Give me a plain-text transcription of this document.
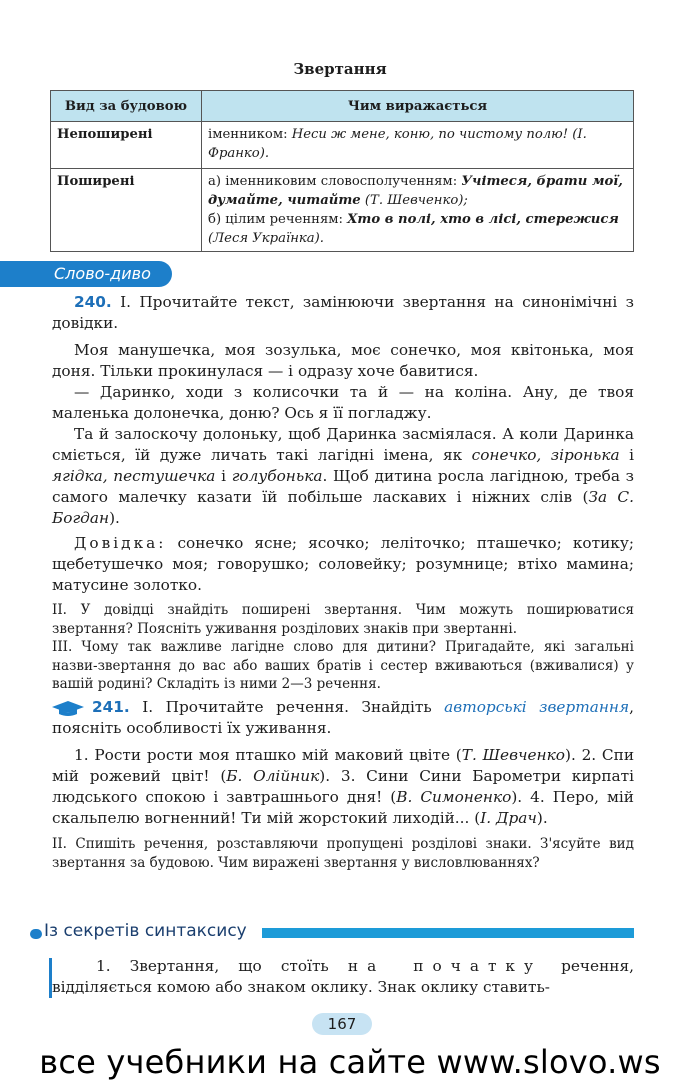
Звертання
Вид за будовою	Чим виражається
Непоширені	іменником: Неси ж мене, коню, по чистому полю! (І. Франко).
Поширені	а) іменниковим словосполученням: Учітеся, брати мої, думайте, читайте (Т. Шевченко);
б) цілим реченням: Хто в полі, хто в лісі, стережися (Леся Українка).
Слово-диво

240. І. Прочитайте текст, замінюючи звертання на синонімічні з довідки.

Моя манушечка, моя зозулька, моє сонечко, моя квітонька, моя доня. Тільки прокинулася — і одразу хоче бавитися.

— Даринко, ходи з колисочки та й — на коліна. Ану, де твоя маленька долонечка, доню? Ось я її погладжу.

Та й залоскочу долоньку, щоб Даринка засміялася. А коли Даринка сміється, їй дуже личать такі лагідні імена, як сонечко, зіронька і ягідка, пестушечка і голубонька. Щоб дитина росла лагідною, треба з самого малечку казати їй побільше ласкавих і ніжних слів (За С. Богдан).

Довідка: сонечко ясне; ясочко; леліточко; пташечко; котику; щебетушечко моя; говорушко; соловейку; розумнице; втіхо мамина; матусине золотко.

ІІ. У довідці знайдіть поширені звертання. Чим можуть поширюватися звертання? Поясніть уживання розділових знаків при звертанні.

ІІІ. Чому так важливе лагідне слово для дитини? Пригадайте, які загальні назви-звертання до вас або ваших братів і сестер вживаються (вживалися) у вашій родині? Складіть із ними 2—3 речення.

241. І. Прочитайте речення. Знайдіть авторські звертання, поясніть особливості їх уживання.

1. Рости рости моя пташко мій маковий цвіте (Т. Шевченко). 2. Спи мій рожевий цвіт! (Б. Олійник). 3. Сини Сини Барометри кирпаті людського спокою і завтрашнього дня! (В. Симоненко). 4. Перо, мій скальпелю вогненний! Ти мій жорстокий лиходій... (І. Драч).

ІІ. Спишіть речення, розставляючи пропущені розділові знаки. З'ясуйте вид звертання за будовою. Чим виражені звертання у висловлюваннях?

Із секретів синтаксису

1. Звертання, що стоїть на початку речення, відділяється комою або знаком оклику. Знак оклику ставить-

167
все учебники на сайте www.slovo.ws
